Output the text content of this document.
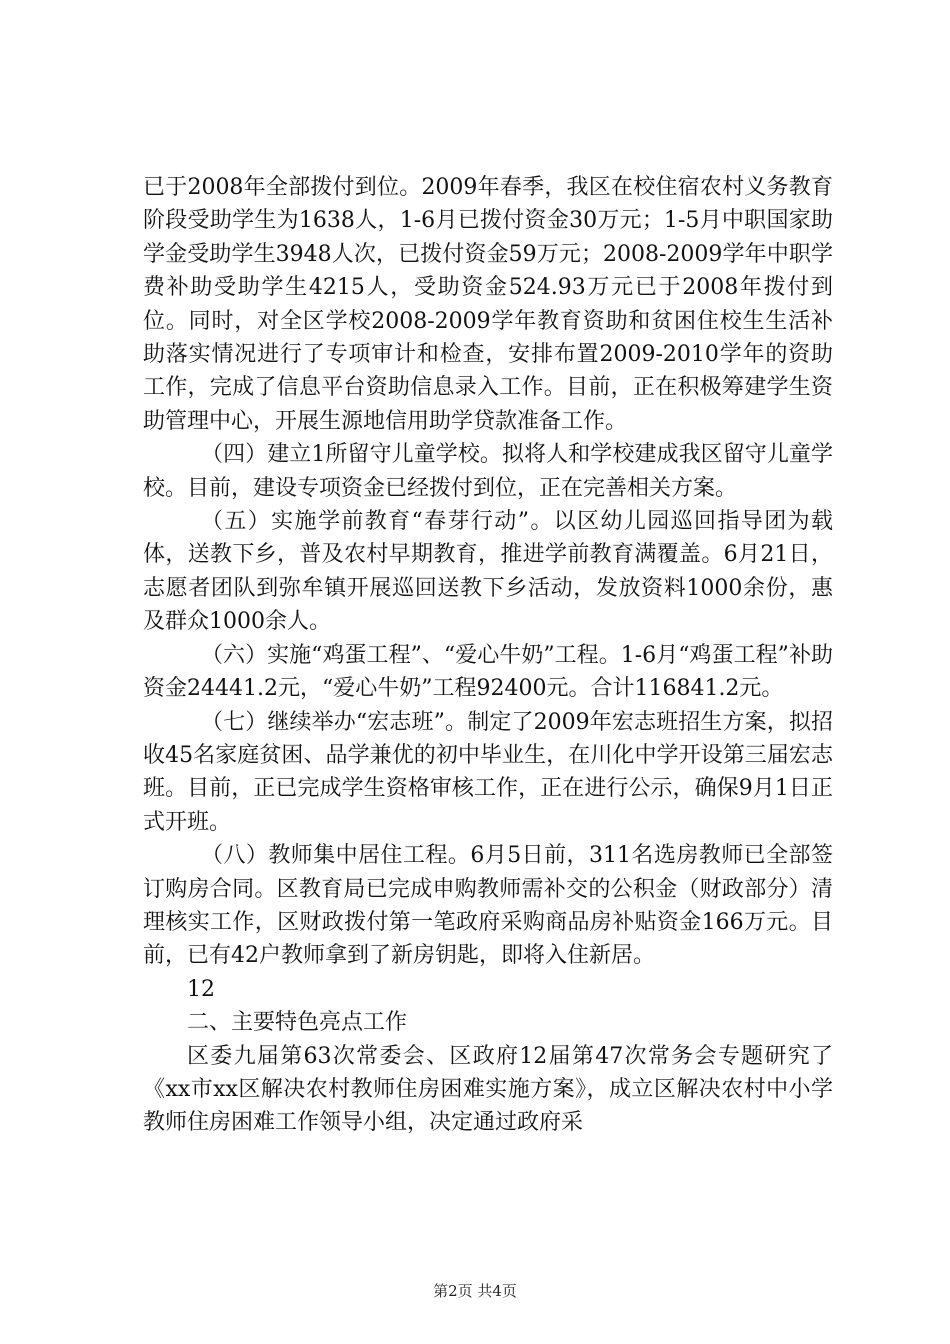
已于2008年全部拨付到位。2009年春季，我区在校住宿农村义务教育阶段受助学生为1638人，1-6月已拨付资金30万元；1-5月中职国家助学金受助学生3948人次，已拨付资金59万元；2008-2009学年中职学费补助受助学生4215人，受助资金524.93万元已于2008年拨付到位。同时，对全区学校2008-2009学年教育资助和贫困住校生生活补助落实情况进行了专项审计和检查，安排布置2009-2010学年的资助工作，完成了信息平台资助信息录入工作。目前，正在积极筹建学生资助管理中心，开展生源地信用助学贷款准备工作。

（四）建立1所留守儿童学校。拟将人和学校建成我区留守儿童学校。目前，建设专项资金已经拨付到位，正在完善相关方案。

（五）实施学前教育“春芽行动”。以区幼儿园巡回指导团为载体，送教下乡，普及农村早期教育，推进学前教育满覆盖。6月21日，志愿者团队到弥牟镇开展巡回送教下乡活动，发放资料1000余份，惠及群众1000余人。

（六）实施“鸡蛋工程”、“爱心牛奶”工程。1-6月“鸡蛋工程”补助资金24441.2元，“爱心牛奶”工程92400元。合计116841.2元。

（七）继续举办“宏志班”。制定了2009年宏志班招生方案，拟招收45名家庭贫困、品学兼优的初中毕业生，在川化中学开设第三届宏志班。目前，正已完成学生资格审核工作，正在进行公示，确保9月1日正式开班。

（八）教师集中居住工程。6月5日前，311名选房教师已全部签订购房合同。区教育局已完成申购教师需补交的公积金（财政部分）清理核实工作，区财政拨付第一笔政府采购商品房补贴资金166万元。目前，已有42户教师拿到了新房钥匙，即将入住新居。

12

二、主要特色亮点工作

区委九届第63次常委会、区政府12届第47次常务会专题研究了《xx市xx区解决农村教师住房困难实施方案》，成立区解决农村中小学教师住房困难工作领导小组，决定通过政府采

第2页 共4页
